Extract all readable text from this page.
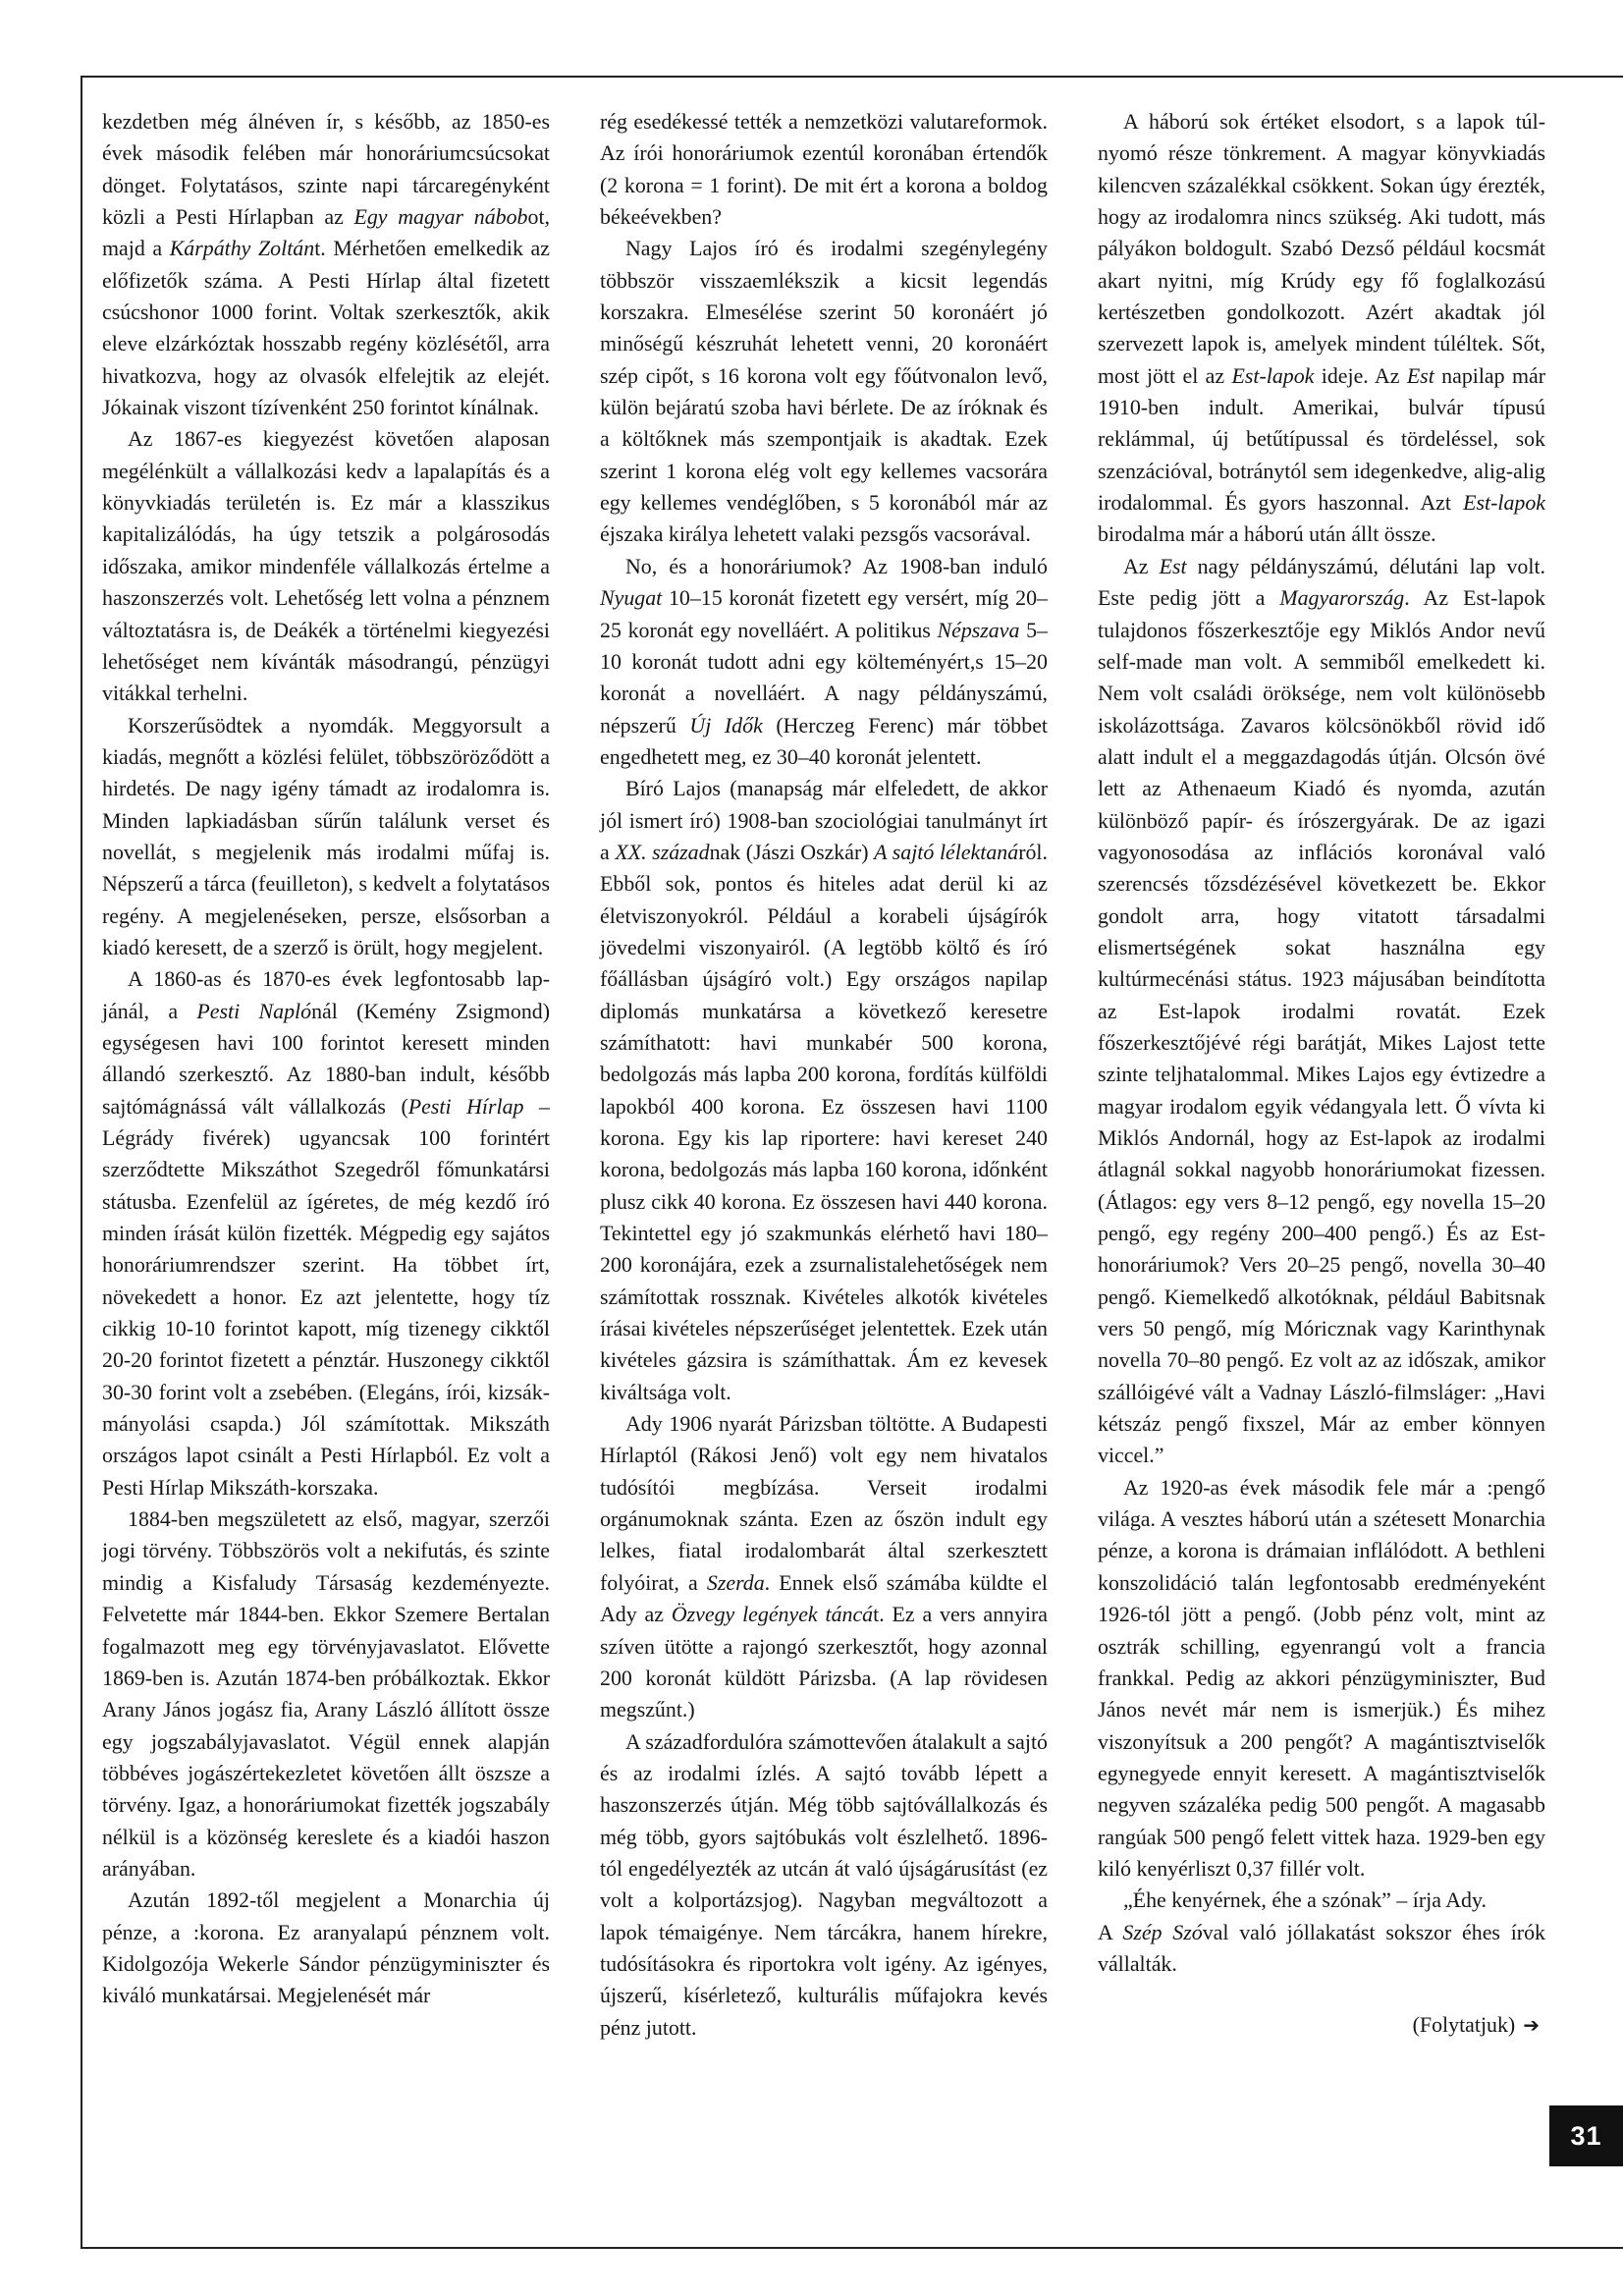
kezdetben még álnéven ír, s később, az 1850-es évek második felében már honoráriumcsúcsokat dönget. Folytatásos, szinte napi tárcaregényként közli a Pesti Hírlapban az Egy magyar nábobot, majd a Kárpáthy Zoltánt. Mérhetően emelkedik az előfizetők száma. A Pesti Hírlap által fizetett csúcshonor 1000 forint. Voltak szerkesztők, akik eleve elzárkóztak hosszabb regény közlésétől, arra hivatkozva, hogy az olvasók elfelejtik az elejét. Jókainak viszont tízívenként 250 forintot kínálnak.

Az 1867-es kiegyezést követően alaposan megélénkült a vállalkozási kedv a lapalapítás és a könyvkiadás területén is. Ez már a klasszikus kapitalizálódás, ha úgy tetszik a polgárosodás időszaka, amikor mindenféle vállalkozás értelme a haszonszerzés volt. Lehetőség lett volna a pénznem változtatásra is, de Deákék a történelmi kiegyezési lehetőséget nem kívánták másodrangú, pénzügyi vitákkal terhelni.

Korszerűsödtek a nyomdák. Meggyorsult a kiadás, megnőtt a közlési felület, többszöröződött a hirdetés. De nagy igény támadt az irodalomra is. Minden lapkiadásban sűrűn találunk verset és novellát, s megjelenik más irodalmi műfaj is. Népszerű a tárca (feuilleton), s kedvelt a folytatásos regény. A megjelenéseken, persze, elsősorban a kiadó keresett, de a szerző is örült, hogy megjelent.

A 1860-as és 1870-es évek legfontosabb lapjánál, a Pesti Naplónál (Kemény Zsigmond) egységesen havi 100 forintot keresett minden állandó szerkesztő. Az 1880-ban indult, később sajtómágnássá vált vállalkozás (Pesti Hírlap – Légrády fivérek) ugyancsak 100 forintért szerződtette Mikszáthot Szegedről főmunkatársi státusba. Ezenfelül az ígéretes, de még kezdő író minden írását külön fizették. Mégpedig egy sajátos honoráriumrendszer szerint. Ha többet írt, növekedett a honor. Ez azt jelentette, hogy tíz cikkig 10-10 forintot kapott, míg tizenegy cikktől 20-20 forintot fizetett a pénztár. Huszonegy cikktől 30-30 forint volt a zsebében. (Elegáns, írói, kizsákmányolási csapda.) Jól számítottak. Mikszáth országos lapot csinált a Pesti Hírlapból. Ez volt a Pesti Hírlap Mikszáth-korszaka.

1884-ben megszületett az első, magyar, szerzői jogi törvény. Többszörös volt a nekifutás, és szinte mindig a Kisfaludy Társaság kezdeményezte. Felvetette már 1844-ben. Ekkor Szemere Bertalan fogalmazott meg egy törvényjavaslatot. Elővette 1869-ben is. Azután 1874-ben próbálkoztak. Ekkor Arany János jogász fia, Arany László állított össze egy jogszabályjavaslatot. Végül ennek alapján többéves jogászértekezletet követően állt öszsze a törvény. Igaz, a honoráriumokat fizették jogszabály nélkül is a közönség kereslete és a kiadói haszon arányában.

Azután 1892-től megjelent a Monarchia új pénze, a :korona. Ez aranyalapú pénznem volt. Kidolgozója Wekerle Sándor pénzügyminiszter és kiváló munkatársai. Megjelenését már

rég esedékessé tették a nemzetközi valutareformok. Az írói honoráriumok ezentúl koronában értendők (2 korona = 1 forint). De mit ért a korona a boldog békeévekben?

Nagy Lajos író és irodalmi szegénylegény többször visszaemlékszik a kicsit legendás korszakra. Elmesélése szerint 50 koronáért jó minőségű készruhát lehetett venni, 20 koronáért szép cipőt, s 16 korona volt egy főútvonalon levő, külön bejáratú szoba havi bérlete. De az íróknak és a költőknek más szempontjaik is akadtak. Ezek szerint 1 korona elég volt egy kellemes vacsorára egy kellemes vendéglőben, s 5 koronából már az éjszaka királya lehetett valaki pezsgős vacsorával.

No, és a honoráriumok? Az 1908-ban induló Nyugat 10–15 koronát fizetett egy versért, míg 20–25 koronát egy novelláért. A politikus Népszava 5–10 koronát tudott adni egy költeményért,s 15–20 koronát a novelláért. A nagy példányszámú, népszerű Új Idők (Herczeg Ferenc) már többet engedhetett meg, ez 30–40 koronát jelentett.

Bíró Lajos (manapság már elfeledett, de akkor jól ismert író) 1908-ban szociológiai tanulmányt írt a XX. századnak (Jászi Oszkár) A sajtó lélektanáról. Ebből sok, pontos és hiteles adat derül ki az életviszonyokról. Például a korabeli újságírók jövedelmi viszonyairól. (A legtöbb költő és író főállásban újságíró volt.) Egy országos napilap diplomás munkatársa a következő keresetre számíthatott: havi munkabér 500 korona, bedolgozás más lapba 200 korona, fordítás külföldi lapokból 400 korona. Ez összesen havi 1100 korona. Egy kis lap riportere: havi kereset 240 korona, bedolgozás más lapba 160 korona, időnként plusz cikk 40 korona. Ez összesen havi 440 korona. Tekintettel egy jó szakmunkás elérhető havi 180–200 koronájára, ezek a zsurnalistalehetőségek nem számítottak rossznak. Kivételes alkotók kivételes írásai kivételes népszerűséget jelentettek. Ezek után kivételes gázsira is számíthattak. Ám ez kevesek kiváltsága volt.

Ady 1906 nyarát Párizsban töltötte. A Budapesti Hírlaptól (Rákosi Jenő) volt egy nem hivatalos tudósítói megbízása. Verseit irodalmi orgánumoknak szánta. Ezen az őszön indult egy lelkes, fiatal irodalombarát által szerkesztett folyóirat, a Szerda. Ennek első számába küldte el Ady az Özvegy legények táncát. Ez a vers annyira szíven ütötte a rajongó szerkesztőt, hogy azonnal 200 koronát küldött Párizsba. (A lap rövidesen megszűnt.)

A századfordulóra számottevően átalakult a sajtó és az irodalmi ízlés. A sajtó tovább lépett a haszonszerzés útján. Még több sajtóvállalkozás és még több, gyors sajtóbukás volt észlelhető. 1896-tól engedélyezték az utcán át való újságárusítást (ez volt a kolportázsjog). Nagyban megváltozott a lapok témaigénye. Nem tárcákra, hanem hírekre, tudósításokra és riportokra volt igény. Az igényes, újszerű, kísérletező, kulturális műfajokra kevés pénz jutott.

A háború sok értéket elsodort, s a lapok túlnyomó része tönkrement. A magyar könyvkiadás kilencven százalékkal csökkent. Sokan úgy érezték, hogy az irodalomra nincs szükség. Aki tudott, más pályákon boldogult. Szabó Dezső például kocsmát akart nyitni, míg Krúdy egy fő foglalkozású kertészetben gondolkozott. Azért akadtak jól szervezett lapok is, amelyek mindent túléltek. Sőt, most jött el az Est-lapok ideje. Az Est napilap már 1910-ben indult. Amerikai, bulvár típusú reklámmal, új betűtípussal és tördeléssel, sok szenzációval, botránytól sem idegenkedve, alig-alig irodalommal. És gyors haszonnal. Azt Est-lapok birodalma már a háború után állt össze.

Az Est nagy példányszámú, délutáni lap volt. Este pedig jött a Magyarország. Az Est-lapok tulajdonos főszerkesztője egy Miklós Andor nevű self-made man volt. A semmiből emelkedett ki. Nem volt családi öröksége, nem volt különösebb iskolázottsága. Zavaros kölcsönökből rövid idő alatt indult el a meggazdagodás útján. Olcsón övé lett az Athenaeum Kiadó és nyomda, azután különböző papír- és írószergyárak. De az igazi vagyonosodása az inflációs koronával való szerencsés tőzsdézésével következett be. Ekkor gondolt arra, hogy vitatott társadalmi elismertségének sokat használna egy kultúrmecénási státus. 1923 májusában beindította az Est-lapok irodalmi rovatát. Ezek főszerkesztőjévé régi barátját, Mikes Lajost tette szinte teljhatalommal. Mikes Lajos egy évtizedre a magyar irodalom egyik védangyala lett. Ő vívta ki Miklós Andornál, hogy az Est-lapok az irodalmi átlagnál sokkal nagyobb honoráriumokat fizessen. (Átlagos: egy vers 8–12 pengő, egy novella 15–20 pengő, egy regény 200–400 pengő.) És az Est-honoráriumok? Vers 20–25 pengő, novella 30–40 pengő. Kiemelkedő alkotóknak, például Babitsnak vers 50 pengő, míg Móricznak vagy Karinthynak novella 70–80 pengő. Ez volt az az időszak, amikor szállóigévé vált a Vadnay László-filmsláger: „Havi kétszáz pengő fixszel, Már az ember könnyen viccel.”

Az 1920-as évek második fele már a :pengő világa. A vesztes háború után a szétesett Monarchia pénze, a korona is drámaian inflálódott. A bethleni konszolidáció talán legfontosabb eredményeként 1926-tól jött a pengő. (Jobb pénz volt, mint az osztrák schilling, egyenrangú volt a francia frankkal. Pedig az akkori pénzügyminiszter, Bud János nevét már nem is ismerjük.) És mihez viszonyítsuk a 200 pengőt? A magántisztviselők egynegyede ennyit keresett. A magántisztviselők negyven százaléka pedig 500 pengőt. A magasabb rangúak 500 pengő felett vittek haza. 1929-ben egy kiló kenyérliszt 0,37 fillér volt.

„Éhe kenyérnek, éhe a szónak” – írja Ady.

A Szép Szóval való jóllakatást sokszor éhes írók vállalták.

(Folytatjuk) ➔

31
